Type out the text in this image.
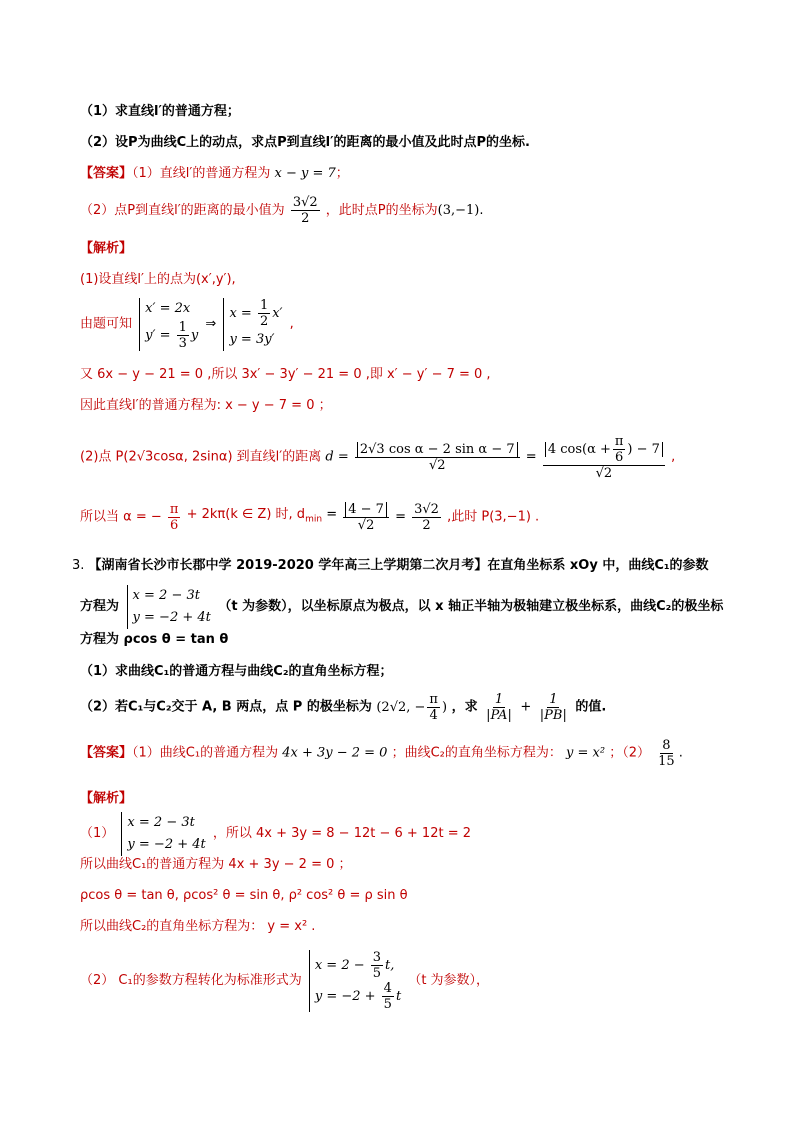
（1）求直线l′的普通方程；
（2）设P为曲线C上的动点，求点P到直线l′的距离的最小值及此时点P的坐标.
【答案】（1）直线l′的普通方程为 x − y = 7；
（2）点P到直线l′的距离的最小值为 $\frac{3√2}{2}$ ，此时点P的坐标为(3,−1).
【解析】
(1)设直线l′上的点为(x′,y′),
由题可知
x′ = 2x
$y' = \frac{1}{3}$ y
⇒
$x = \frac{1}{2} x'$
y = 3y′
,
又 6x − y − 21 = 0 ,所以 3x′ − 3y′ − 21 = 0 ,即 x′ − y′ − 7 = 0 ,
因此直线l′的普通方程为: x − y − 7 = 0 ；
(2)点 P(2√3cosα, 2sinα) 到直线l′的距离 $d = \frac{\text{2√3 cos α − 2 sin α − 7}}{√2} = \frac{4 \cos(\alpha + \frac{\pi}{6} ) - 7}{√2}$ ,
所以当 α = − $\frac{\pi}{6} + 2k\pi(k$ ∈ Z) 时, $d_{min} = \frac{4 - 7}{√2} = \frac{3√2}{2}$ ,此时 P(3,−1) .
3. 【湖南省长沙市长郡中学 2019-2020 学年高三上学期第二次月考】在直角坐标系 xOy 中，曲线C₁的参数
方程为
x = 2 − 3t
y = −2 + 4t
（t 为参数），以坐标原点为极点，以 x 轴正半轴为极轴建立极坐标系，曲线C₂的极坐标
方程为 ρcos θ = tan θ
（1）求曲线C₁的普通方程与曲线C₂的直角坐标方程；
（2）若C₁与C₂交于 A, B 两点，点 P 的极坐标为 (2√2, − $\frac{\pi}{4}$ ) ，求 $\frac{1}{|PA|} + \frac{1}{|PB|}$ 的值.
【答案】（1）曲线C₁的普通方程为 4x + 3y − 2 = 0 ；曲线C₂的直角坐标方程为： y = x² ；$(2) \frac{8}{15}$ .
【解析】
（1）
x = 2 − 3t
y = −2 + 4t
，所以 4x + 3y = 8 − 12t − 6 + 12t = 2
所以曲线C₁的普通方程为 4x + 3y − 2 = 0 ；
ρcos θ = tan θ, ρcos² θ = sin θ, ρ² cos² θ = ρ sin θ
所以曲线C₂的直角坐标方程为： y = x² .
（2） C₁的参数方程转化为标准形式为
$x = 2 - \frac{3}{5} t$,
$y = -2 + \frac{4}{5}$ t
（t 为参数），
